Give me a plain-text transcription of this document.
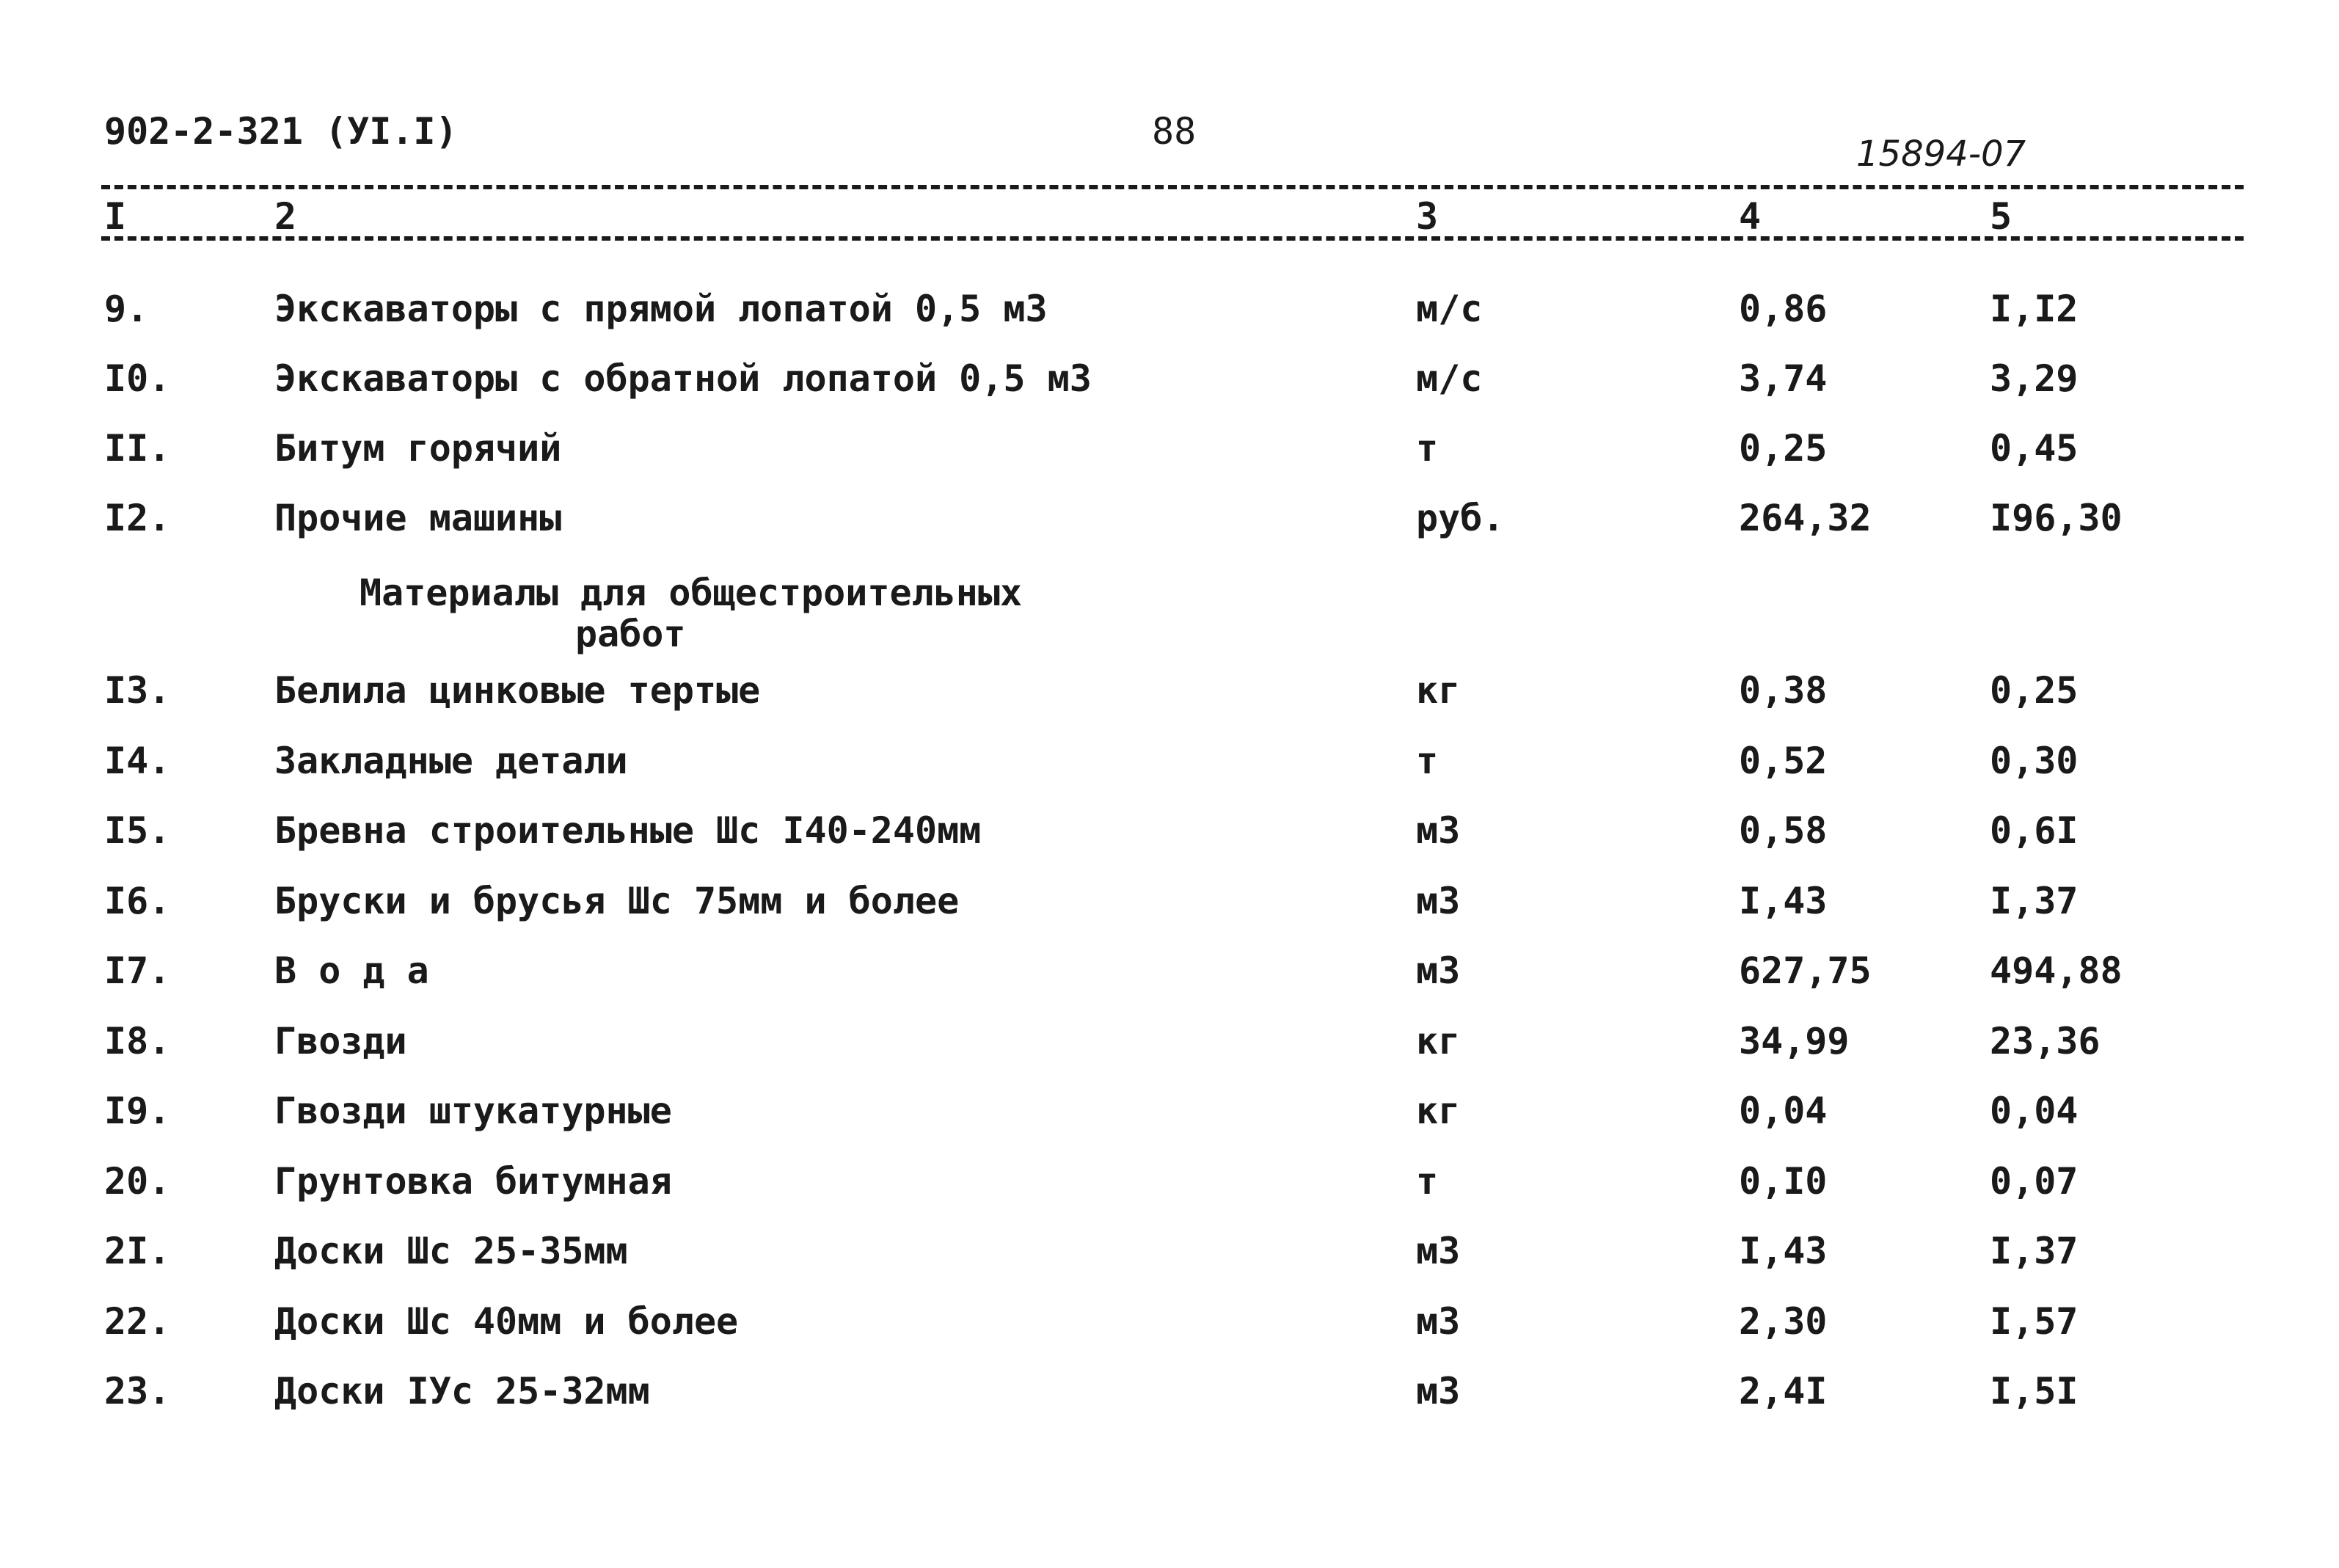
902-2-321 (УI.I)	88
15894-07
I	2	3	4	5
9.	Экскаваторы с прямой лопатой 0,5 м3	м/с	0,86	I,I2
I0.	Экскаваторы с обратной лопатой 0,5 м3	м/с	3,74	3,29
II.	Битум горячий	т	0,25	0,45
I2.	Прочие машины	руб.	264,32	I96,30
Материалы для общестроительных
работ
I3.	Белила цинковые тертые	кг	0,38	0,25
I4.	Закладные детали	т	0,52	0,30
I5.	Бревна строительные Шс I40-240мм	м3	0,58	0,6I
I6.	Бруски и брусья Шс 75мм и более	м3	I,43	I,37
I7.	В о д а	м3	627,75	494,88
I8.	Гвозди	кг	34,99	23,36
I9.	Гвозди штукатурные	кг	0,04	0,04
20.	Грунтовка битумная	т	0,I0	0,07
2I.	Доски Шс 25-35мм	м3	I,43	I,37
22.	Доски Шс 40мм и более	м3	2,30	I,57
23.	Доски IУс 25-32мм	м3	2,4I	I,5I
